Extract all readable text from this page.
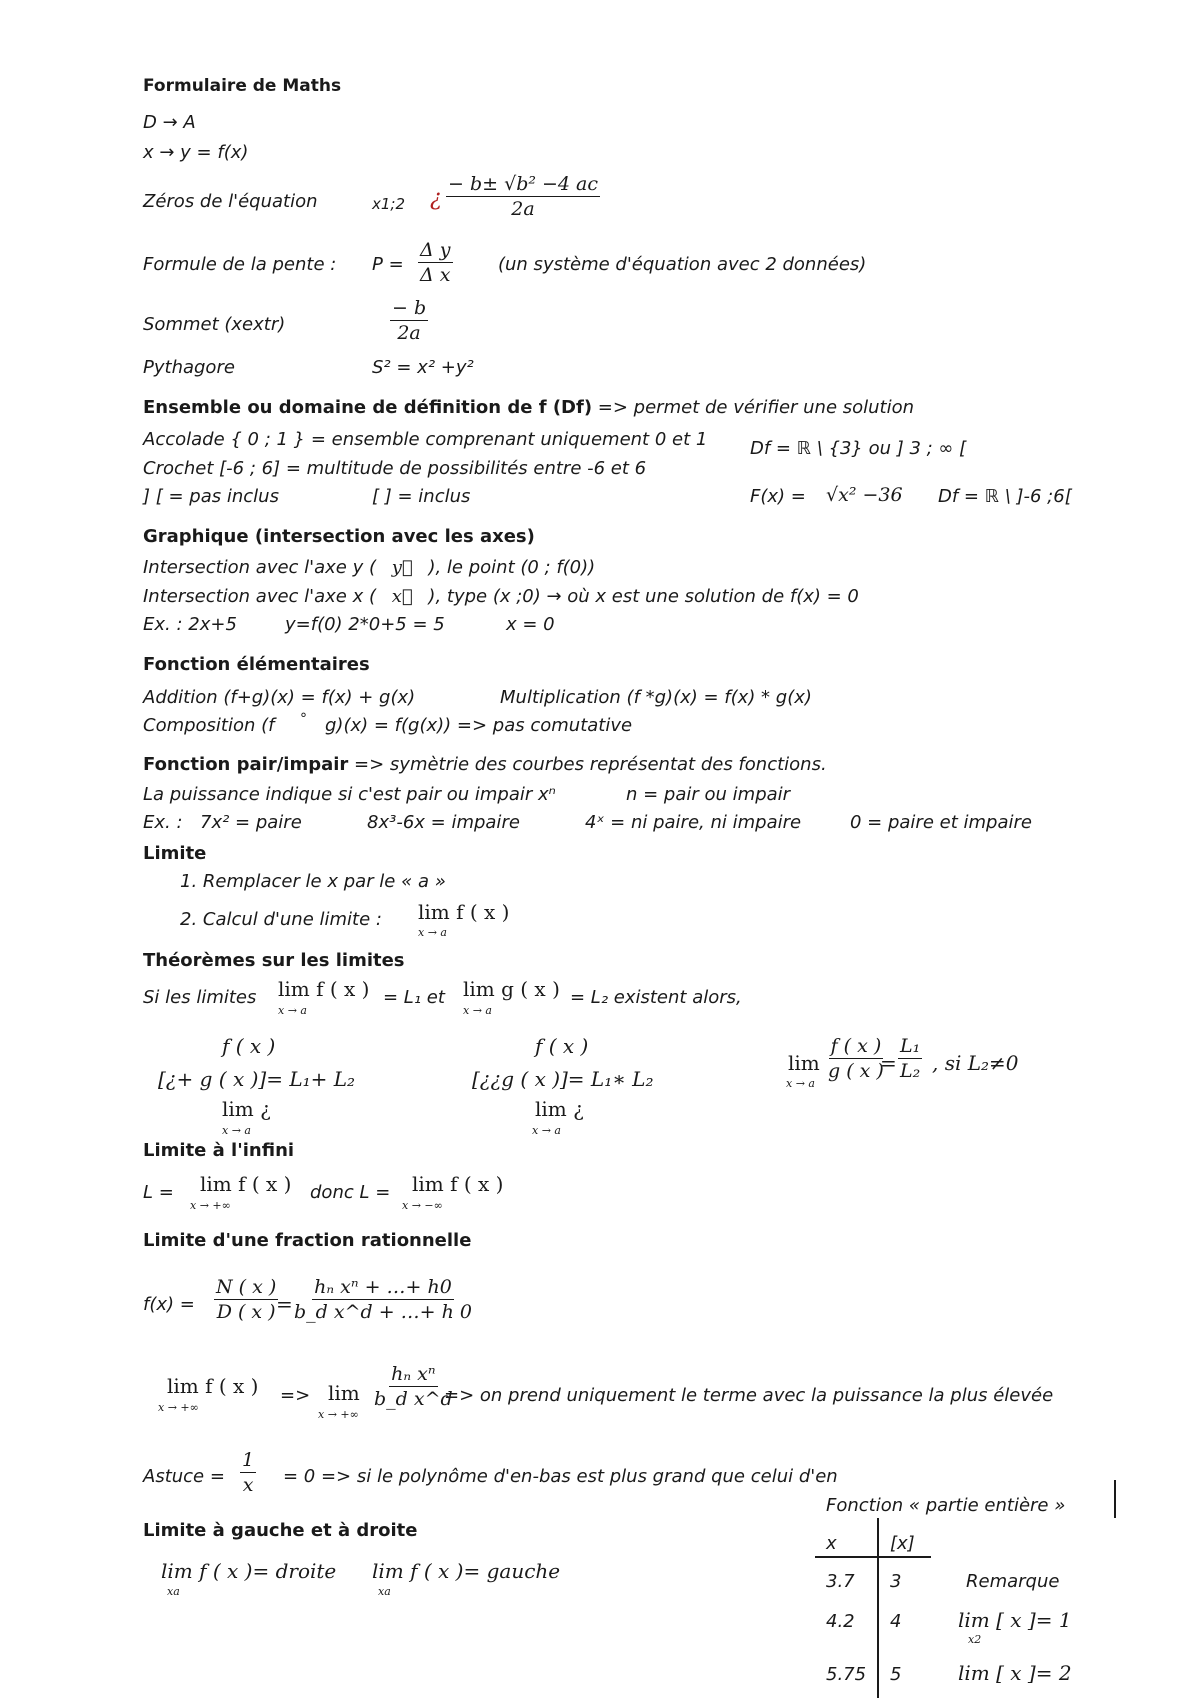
Formulaire de Maths
D → A
x → y = f(x)
Zéros de l'équation	x1;2 ¿ $\frac{\text{− b± √b² −4 ac}}{2a}$
Formule de la pente : $P = \frac{\text{Δ y}}{\text{Δ x}}$	(un système d'équation avec 2 données)
Sommet (xextr)	$\frac{- b}{2a}$
Pythagore	S² = x² +y²
Ensemble ou domaine de définition de f (Df) => permet de vérifier une solution
Accolade { 0 ; 1 } = ensemble comprenant uniquement 0 et 1
Crochet [-6 ; 6] = multitude de possibilités entre -6 et 6
] [ = pas inclus	[ ] = inclus
Df = ℝ \ {3} ou ] 3 ; ∞ [
F(x) = √x² −36 Df = ℝ \ ]-6 ;6[
Graphique (intersection avec les axes)
Intersection avec l'axe y ( y⃗ ), le point (0 ; f(0))
Intersection avec l'axe x ( x⃗ ), type (x ;0) → où x est une solution de f(x) = 0
Ex. : 2x+5	y=f(0) 2*0+5 = 5	x = 0
Fonction élémentaires
Addition (f+g)(x) = f(x) + g(x)	Multiplication (f *g)(x) = f(x) * g(x)
Composition (f ° g)(x) = f(g(x)) => pas comutative
Fonction pair/impair => symètrie des courbes représentat des fonctions.
La puissance indique si c'est pair ou impair xⁿ	n = pair ou impair
Ex. : 7x² = paire	8x³-6x = impaire	4ˣ = ni paire, ni impaire	0 = paire et impaire
Limite
1. Remplacer le x par le « a »
2. Calcul d'une limite : lim f ( x )
x → a
Théorèmes sur les limites
Si les limites lim f ( x )
x → a
= L₁ et lim g ( x )
x → a
= L₂ existent alors,
f ( x )
[¿+ g ( x )]= L₁+ L₂
lim ¿
x → a
f ( x )
[¿¿g ( x )]= L₁∗ L₂
lim ¿
x → a
lim
x → a
$\frac{f ( x )}{g ( x )}$
= $\frac{\text{L₁}}{\text{L₂}}$ , si L₂≠0
Limite à l'infini
L = lim f ( x )
x → +∞
donc L = lim f ( x )
x → −∞
Limite d'une fraction rationnelle
$f(x) = \frac{N ( x )}{D ( x )}$
= $\frac{\text{hₙ xⁿ + …+ h0}}{\text{b\_d x\textasciicircum{}d + …+ h 0}}$
lim f ( x )
x → +∞
=> lim
x → +∞
$\frac{\text{hₙ xⁿ}}{\text{b\_d x\textasciicircum{}d}}$
=> on prend uniquement le terme avec la puissance la plus élevée
Astuce = $\frac{1}{x} = 0$ => si le polynôme d'en-bas est plus grand que celui d'en
Limite à gauche et à droite
lim f ( x )= droite
xa
lim f ( x )= gauche
xa
Fonction « partie entière »
x	[x]
Remarque
3.7 3
4.2 4	lim [ x ]= 1
x2
5.75 5	lim [ x ]= 2
